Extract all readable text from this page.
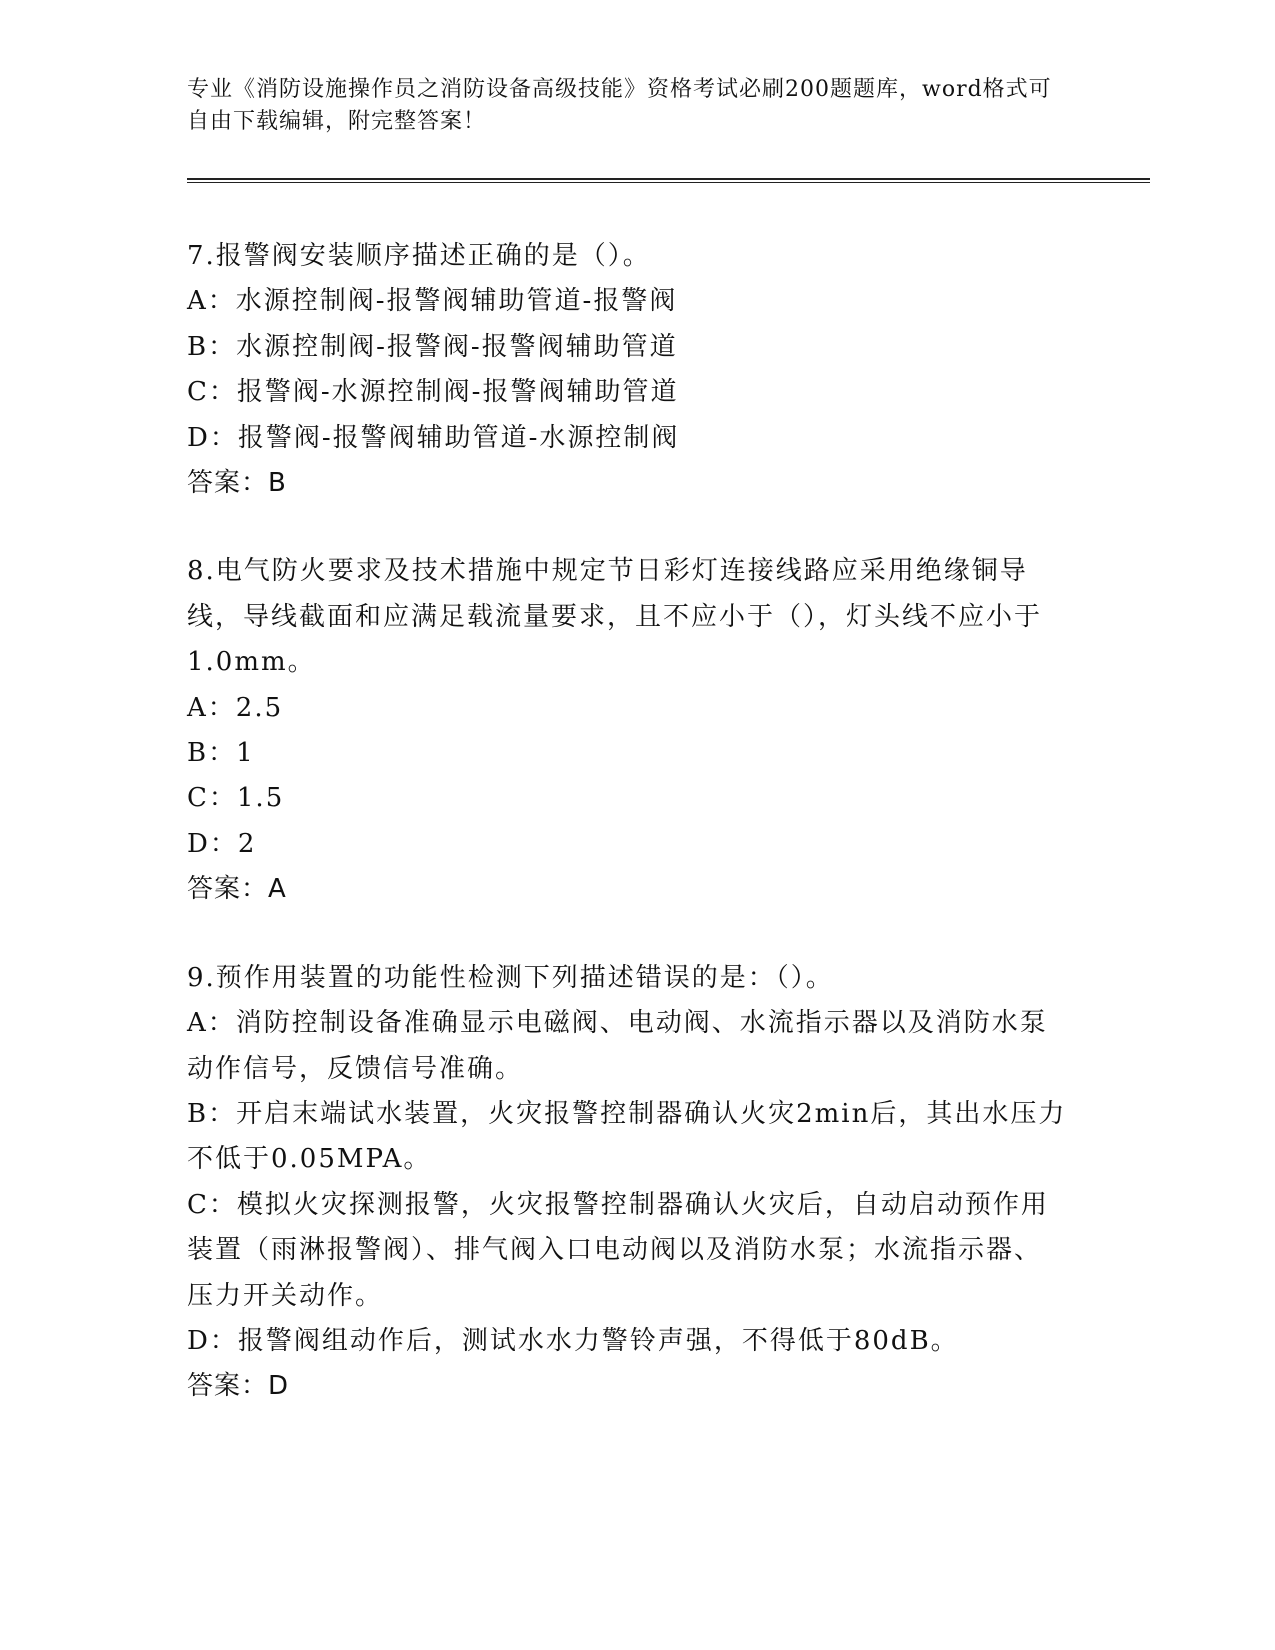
专业《消防设施操作员之消防设备高级技能》资格考试必刷200题题库，word格式可自由下载编辑，附完整答案！

7.报警阀安装顺序描述正确的是（）。

A：水源控制阀-报警阀辅助管道-报警阀

B：水源控制阀-报警阀-报警阀辅助管道

C：报警阀-水源控制阀-报警阀辅助管道

D：报警阀-报警阀辅助管道-水源控制阀

答案：B

8.电气防火要求及技术措施中规定节日彩灯连接线路应采用绝缘铜导线，导线截面和应满足载流量要求，且不应小于（），灯头线不应小于1.0mm。

A：2.5

B：1

C：1.5

D：2

答案：A

9.预作用装置的功能性检测下列描述错误的是：（）。

A：消防控制设备准确显示电磁阀、电动阀、水流指示器以及消防水泵动作信号，反馈信号准确。

B：开启末端试水装置，火灾报警控制器确认火灾2min后，其出水压力不低于0.05MPA。

C：模拟火灾探测报警，火灾报警控制器确认火灾后，自动启动预作用装置（雨淋报警阀）、排气阀入口电动阀以及消防水泵；水流指示器、压力开关动作。

D：报警阀组动作后，测试水水力警铃声强，不得低于80dB。

答案：D
